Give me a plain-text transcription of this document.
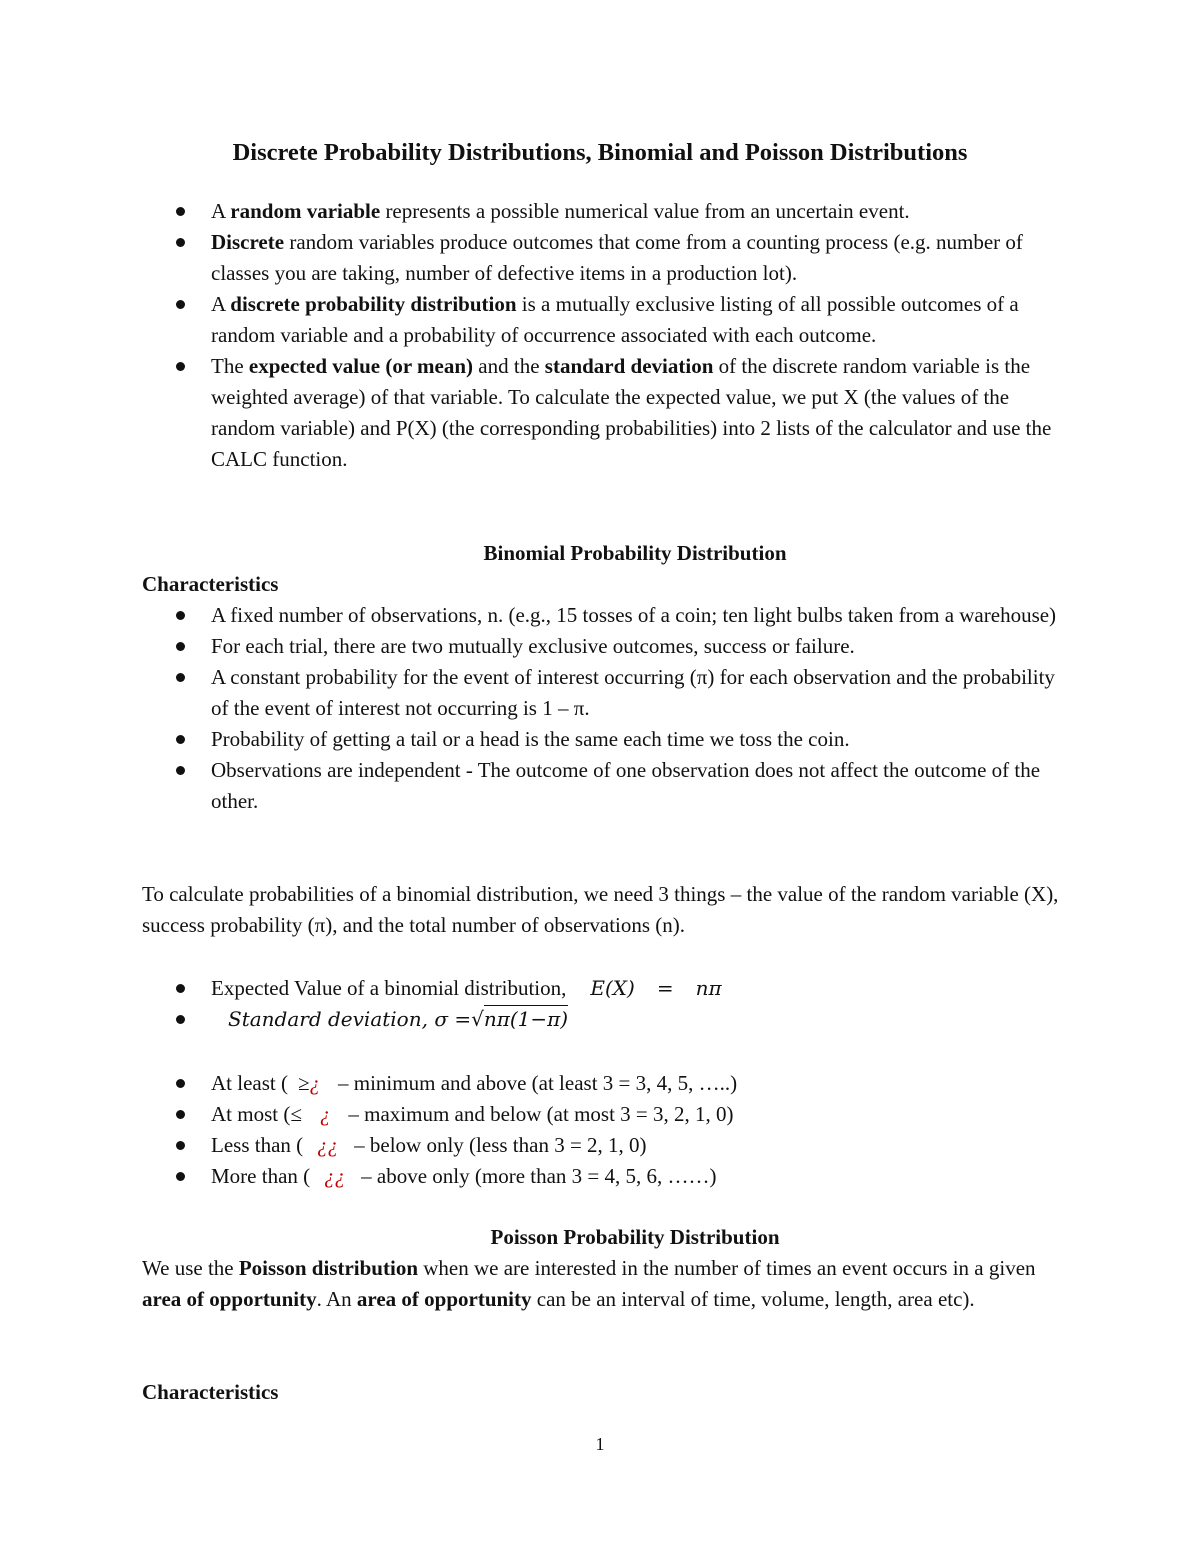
Discrete Probability Distributions, Binomial and Poisson Distributions
A random variable represents a possible numerical value from an uncertain event.
Discrete random variables produce outcomes that come from a counting process (e.g. number of classes you are taking, number of defective items in a production lot).
A discrete probability distribution is a mutually exclusive listing of all possible outcomes of a random variable and a probability of occurrence associated with each outcome.
The expected value (or mean) and the standard deviation of the discrete random variable is the weighted average) of that variable. To calculate the expected value, we put X (the values of the random variable) and P(X) (the corresponding probabilities) into 2 lists of the calculator and use the CALC function.
Binomial Probability Distribution
Characteristics
A fixed number of observations, n. (e.g., 15 tosses of a coin; ten light bulbs taken from a warehouse)
For each trial, there are two mutually exclusive outcomes, success or failure.
A constant probability for the event of interest occurring (π) for each observation and the probability of the event of interest not occurring is 1 – π.
Probability of getting a tail or a head is the same each time we toss the coin.
Observations are independent - The outcome of one observation does not affect the outcome of the other.
To calculate probabilities of a binomial distribution, we need 3 things – the value of the random variable (X), success probability (π), and the total number of observations (n).
Expected Value of a binomial distribution, E(X) = nπ
Standard deviation, σ =√nπ(1−π)
At least ( ≥¿ – minimum and above (at least 3 = 3, 4, 5, …..)
At most (≤ ¿ – maximum and below (at most 3 = 3, 2, 1, 0)
Less than ( ¿¿ – below only (less than 3 = 2, 1, 0)
More than ( ¿¿ – above only (more than 3 = 4, 5, 6, ……)
Poisson Probability Distribution
We use the Poisson distribution when we are interested in the number of times an event occurs in a given area of opportunity. An area of opportunity can be an interval of time, volume, length, area etc).
Characteristics
1
